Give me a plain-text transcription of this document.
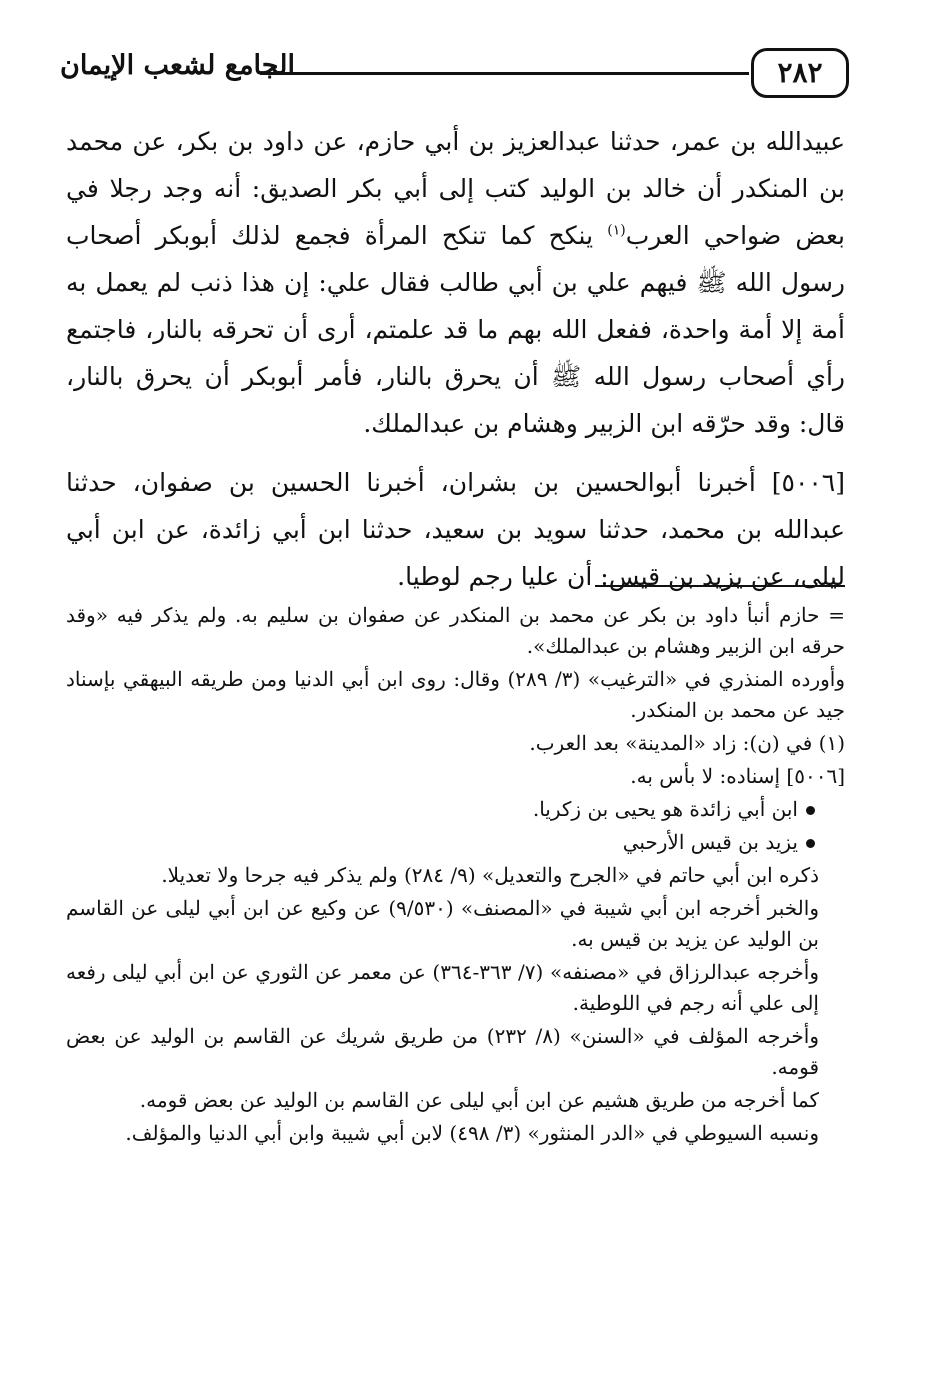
٢٨٢
الجامع لشعب الإيمان

عبيدالله بن عمر، حدثنا عبدالعزيز بن أبي حازم، عن داود بن بكر، عن محمد بن المنكدر أن خالد بن الوليد كتب إلى أبي بكر الصديق: أنه وجد رجلا في بعض ضواحي العرب$^{(١)}$ ينكح كما تنكح المرأة فجمع لذلك أبوبكر أصحاب رسول الله ﷺ فيهم علي بن أبي طالب فقال علي: إن هذا ذنب لم يعمل به أمة إلا أمة واحدة، ففعل الله بهم ما قد علمتم، أرى أن تحرقه بالنار، فاجتمع رأي أصحاب رسول الله ﷺ أن يحرق بالنار، فأمر أبوبكر أن يحرق بالنار، قال: وقد حرّقه ابن الزبير وهشام بن عبدالملك.

[٥٠٠٦] أخبرنا أبوالحسين بن بشران، أخبرنا الحسين بن صفوان، حدثنا عبدالله بن محمد، حدثنا سويد بن سعيد، حدثنا ابن أبي زائدة، عن ابن أبي ليلى، عن يزيد بن قيس: أن عليا رجم لوطيا.

= حازم أنبأ داود بن بكر عن محمد بن المنكدر عن صفوان بن سليم به. ولم يذكر فيه «وقد حرقه ابن الزبير وهشام بن عبدالملك».

وأورده المنذري في «الترغيب» (٣/ ٢٨٩) وقال: روى ابن أبي الدنيا ومن طريقه البيهقي بإسناد جيد عن محمد بن المنكدر.

(١) في (ن): زاد «المدينة» بعد العرب.

[٥٠٠٦] إسناده: لا بأس به.

ابن أبي زائدة هو يحيى بن زكريا.

يزيد بن قيس الأرحبي

ذكره ابن أبي حاتم في «الجرح والتعديل» (٩/ ٢٨٤) ولم يذكر فيه جرحا ولا تعديلا.

والخبر أخرجه ابن أبي شيبة في «المصنف» (٩/٥٣٠) عن وكيع عن ابن أبي ليلى عن القاسم بن الوليد عن يزيد بن قيس به.

وأخرجه عبدالرزاق في «مصنفه» (٧/ ٣٦٣-٣٦٤) عن معمر عن الثوري عن ابن أبي ليلى رفعه إلى علي أنه رجم في اللوطية.

وأخرجه المؤلف في «السنن» (٨/ ٢٣٢) من طريق شريك عن القاسم بن الوليد عن بعض قومه.

كما أخرجه من طريق هشيم عن ابن أبي ليلى عن القاسم بن الوليد عن بعض قومه.

ونسبه السيوطي في «الدر المنثور» (٣/ ٤٩٨) لابن أبي شيبة وابن أبي الدنيا والمؤلف.
